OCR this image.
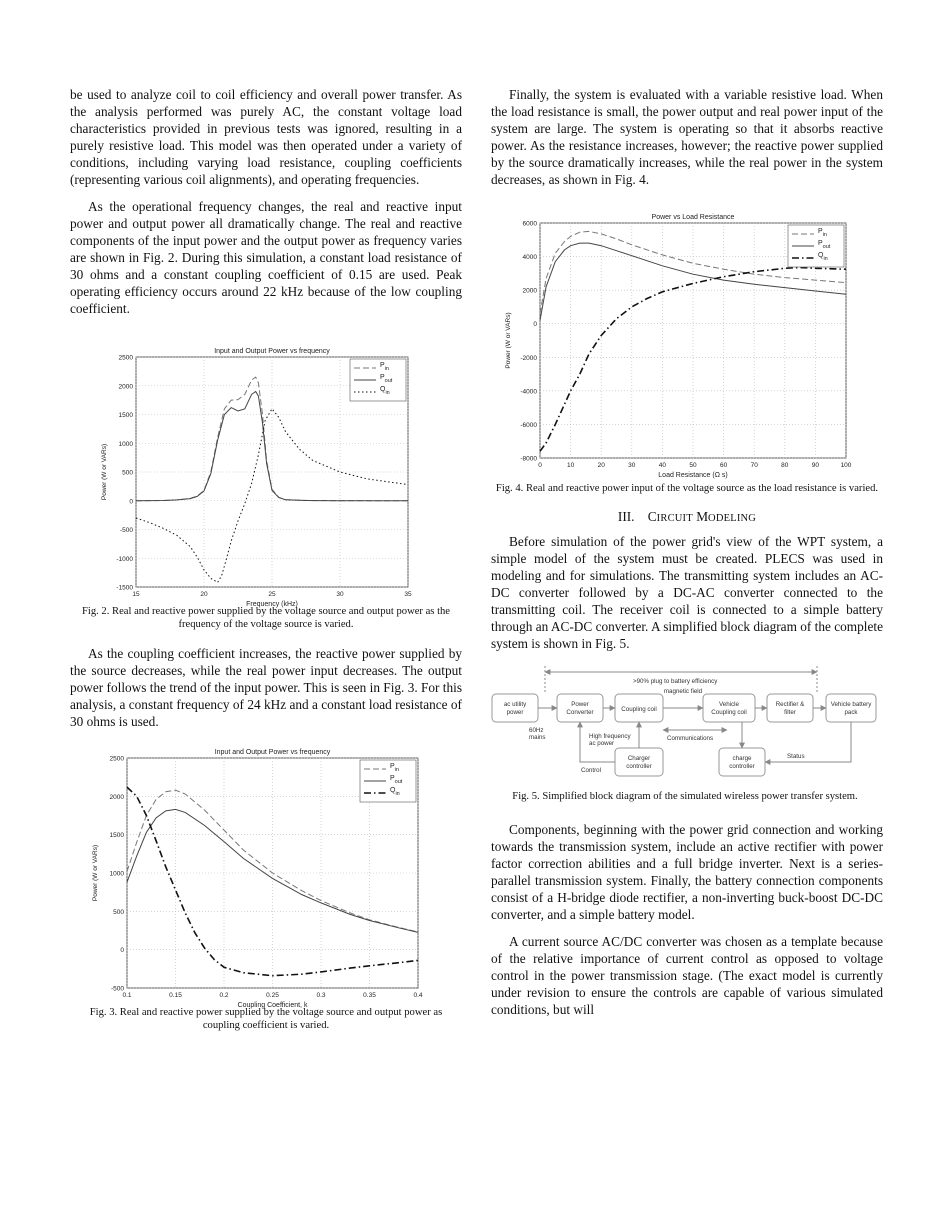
be used to analyze coil to coil efficiency and overall power transfer. As the analysis performed was purely AC, the constant voltage load characteristics provided in previous tests was ignored, resulting in a purely resistive load. This model was then operated under a variety of conditions, including varying load resistance, coupling coefficients (representing various coil alignments), and operating frequencies.

As the operational frequency changes, the real and reactive input power and output power all dramatically change. The real and reactive components of the input power and the output power as frequency varies are shown in Fig. 2. During this simulation, a constant load resistance of 30 ohms and a constant coupling coefficient of 0.15 are used. Peak operating efficiency occurs around 22 kHz because of the low coupling coefficient.

15	20	25	30	35
-1500
-1000
-500
0
500
1000
1500
2000
2500
Input and Output Power vs frequency
Frequency (kHz)
Power (W or VARs)
$P_{in}$
$P_{out}$
$Q_{in}$

Fig. 2. Real and reactive power supplied by the voltage source and output power as the frequency of the voltage source is varied.

As the coupling coefficient increases, the reactive power supplied by the source decreases, while the real power input decreases. The output power follows the trend of the input power. This is seen in Fig. 3. For this analysis, a constant frequency of 24 kHz and a constant load resistance of 30 ohms is used.

0.1	0.15	0.2	0.25	0.3	0.35	0.4
-500
0
500
1000
1500
2000
2500
Input and Output Power vs frequency
Coupling Coefficient, k
Power (W or VARs)
$P_{in}$
$P_{out}$
$Q_{in}$

Fig. 3. Real and reactive power supplied by the voltage source and output power as coupling coefficient is varied.

Finally, the system is evaluated with a variable resistive load. When the load resistance is small, the power output and real power input of the system are large. The system is operating so that it absorbs reactive power. As the resistance increases, however; the reactive power supplied by the source dramatically increases, while the real power in the system decreases, as shown in Fig. 4.

0	10	20	30	40	50	60	70	80	90	100
-8000
-6000
-4000
-2000
0
2000
4000
6000
Power vs Load Resistance
Load Resistance (Ω s)
Power (W or VARs)
$P_{in}$
$P_{out}$
$Q_{in}$

Fig. 4. Real and reactive power input of the voltage source as the load resistance is varied.

III. CIRCUIT MODELING

Before simulation of the power grid's view of the WPT system, a simple model of the system must be created. PLECS was used in modeling and for simulations. The transmitting system includes an AC-DC converter followed by a DC-AC converter connected to the transmitting coil. The receiver coil is connected to a simple battery through an AC-DC converter. A simplified block diagram of the complete system is shown in Fig. 5.

>90% plug to battery efficiency
ac utility
power
Power
Converter	Coupling coil
Vehicle
Coupling coil
Rectifier &
filter
Vehicle battery
pack
Charger
controller
charge
controller
magnetic field
60Hz
mains	High frequency
ac power
Communications
Control
Status

Fig. 5. Simplified block diagram of the simulated wireless power transfer system.

Components, beginning with the power grid connection and working towards the transmission system, include an active rectifier with power factor correction abilities and a full bridge inverter. Next is a series-parallel transmission system. Finally, the battery connection components consist of a H-bridge diode rectifier, a non-inverting buck-boost DC-DC converter, and a simple battery model.

A current source AC/DC converter was chosen as a template because of the relative importance of current control as opposed to voltage control in the power transmission stage. (The exact model is currently under revision to ensure the controls are capable of various simulated conditions, but will
